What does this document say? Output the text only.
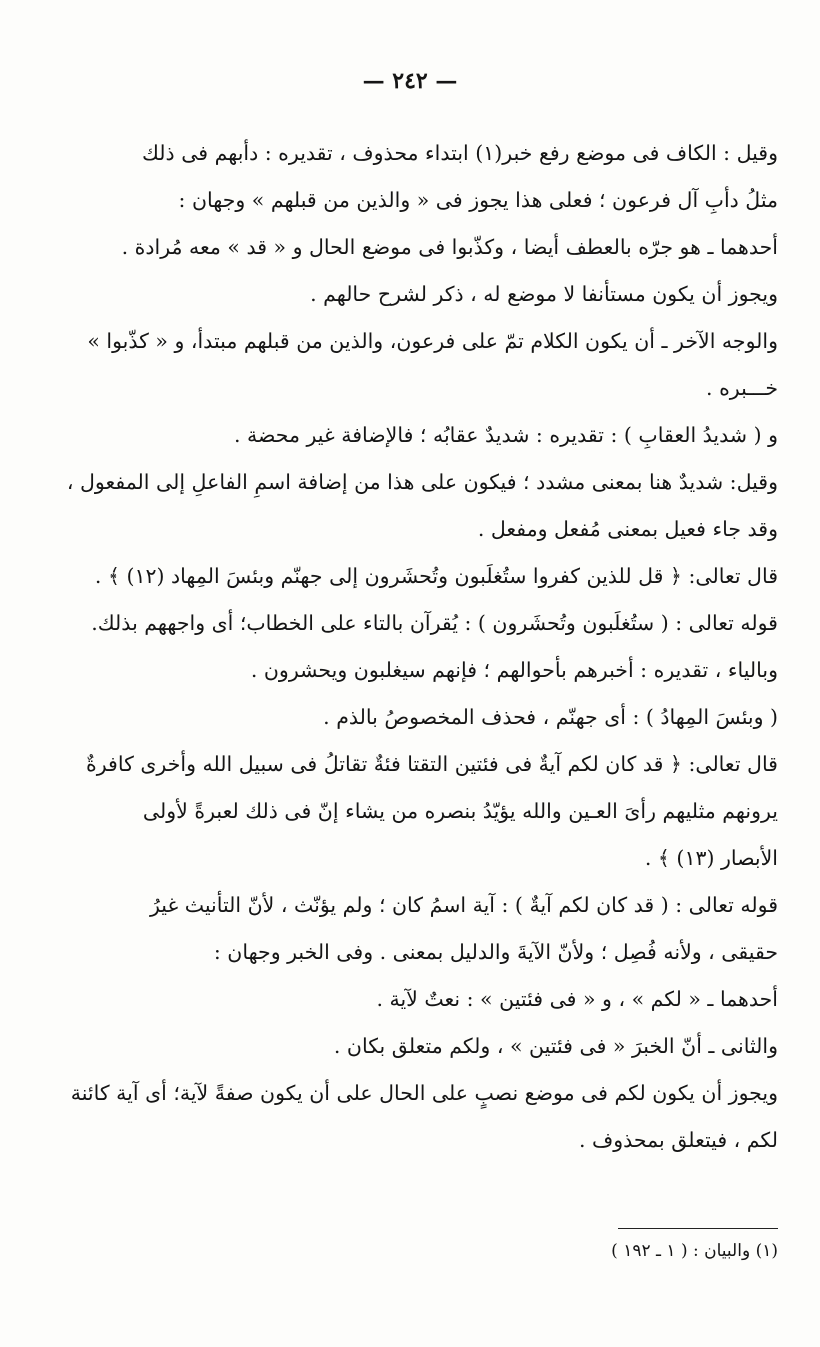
— ٢٤٢ —
وقيل : الكاف فى موضع رفع خبر(١) ابتداء محذوف ، تقديره : دأبهم فى ذلك
مثلُ دأبِ آل فرعون ؛ فعلى هذا يجوز فى « والذين من قبلهم » وجهان :
أحدهما ـ هو جرّه بالعطف أيضا ، وكذّبوا فى موضع الحال و « قد » معه مُرادة .
ويجوز أن يكون مستأنفا لا موضع له ، ذكر لشرح حالهم .
والوجه الآخر ـ أن يكون الكلام تمّ على فرعون، والذين من قبلهم مبتدأ، و « كذّبوا »
خـــبره .
و ( شديدُ العقابِ ) : تقديره : شديدٌ عقابُه ؛ فالإضافة غير محضة .
وقيل: شديدٌ هنا بمعنى مشدد ؛ فيكون على هذا من إضافة اسمِ الفاعلِ إلى المفعول ،
وقد جاء فعيل بمعنى مُفعل ومفعل .
قال تعالى: ﴿ قل للذين كفروا ستُغلَبون وتُحشَرون إلى جهنّم وبئسَ المِهاد (١٢) ﴾ .
قوله تعالى : ( ستُغلَبون وتُحشَرون ) : يُقرآن بالتاء على الخطاب؛ أى واجههم بذلك.
وبالياء ، تقديره : أخبرهم بأحوالهم ؛ فإنهم سيغلبون ويحشرون .
( وبئسَ المِهادُ ) : أى جهنّم ، فحذف المخصوصُ بالذم .
قال تعالى: ﴿ قد كان لكم آيةٌ فى فئتين التقتا فئةٌ تقاتلُ فى سبيل الله وأخرى كافرةٌ
يرونهم مثليهم رأىَ العـين والله يؤيّدُ بنصره من يشاء إنّ فى ذلك لعبرةً لأولى
الأبصار (١٣) ﴾ .
قوله تعالى : ( قد كان لكم آيةٌ ) : آية اسمُ كان ؛ ولم يؤنّث ، لأنّ التأنيث غيرُ
حقيقى ، ولأنه فُصِل ؛ ولأنّ الآيةَ والدليل بمعنى . وفى الخبر وجهان :
أحدهما ـ « لكم » ، و « فى فئتين » : نعتٌ لآية .
والثانى ـ أنّ الخبرَ « فى فئتين » ، ولكم متعلق بكان .
ويجوز أن يكون لكم فى موضع نصبٍ على الحال على أن يكون صفةً لآية؛ أى آية كائنة
لكم ، فيتعلق بمحذوف .
(١) والبيان : ( ١ ـ ١٩٢ )
